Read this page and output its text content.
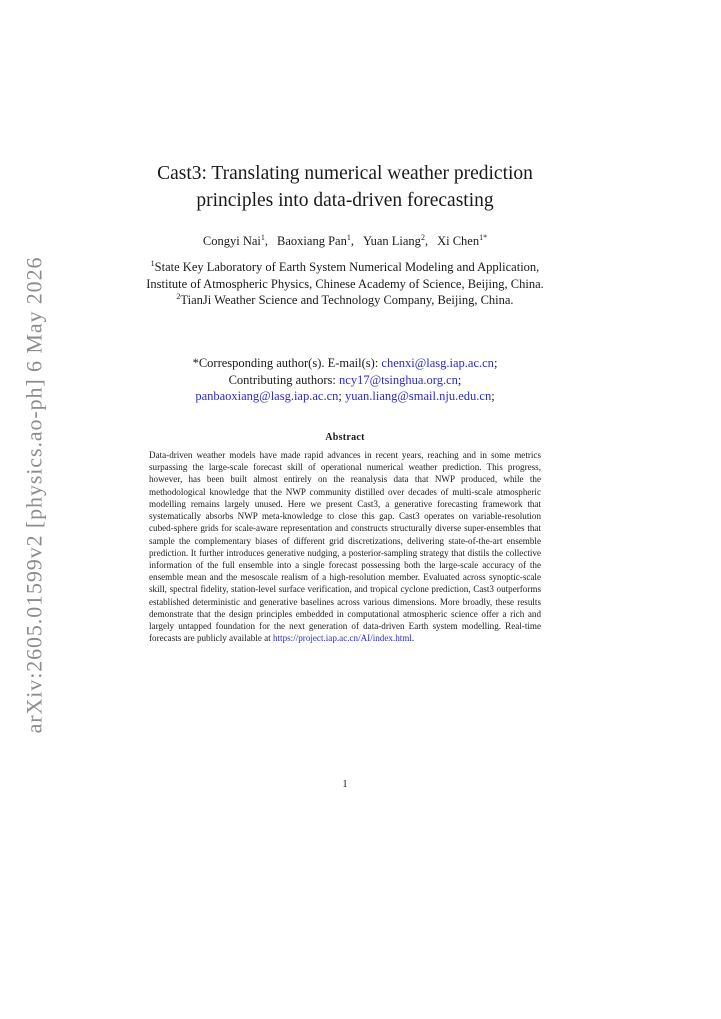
arXiv:2605.01599v2 [physics.ao-ph] 6 May 2026
Cast3: Translating numerical weather prediction
principles into data-driven forecasting
Congyi Nai$^1$, Baoxiang Pan$^1$, Yuan Liang$^2$, Xi Chen$^{1*}$
$^1$State Key Laboratory of Earth System Numerical Modeling and Application, Institute of Atmospheric Physics, Chinese Academy of Science, Beijing, China.
$^2$TianJi Weather Science and Technology Company, Beijing, China.
*Corresponding author(s). E-mail(s): chenxi@lasg.iap.ac.cn;
Contributing authors: ncy17@tsinghua.org.cn;
panbaoxiang@lasg.iap.ac.cn; yuan.liang@smail.nju.edu.cn;
Abstract
Data-driven weather models have made rapid advances in recent years, reaching and in some metrics surpassing the large-scale forecast skill of operational numerical weather prediction. This progress, however, has been built almost entirely on the reanalysis data that NWP produced, while the methodological knowledge that the NWP community distilled over decades of multi-scale atmospheric modelling remains largely unused. Here we present Cast3, a generative forecasting framework that systematically absorbs NWP meta-knowledge to close this gap. Cast3 operates on variable-resolution cubed-sphere grids for scale-aware representation and constructs structurally diverse super-ensembles that sample the complementary biases of different grid discretizations, delivering state-of-the-art ensemble prediction. It further introduces generative nudging, a posterior-sampling strategy that distils the collective information of the full ensemble into a single forecast possessing both the large-scale accuracy of the ensemble mean and the mesoscale realism of a high-resolution member. Evaluated across synoptic-scale skill, spectral fidelity, station-level surface verification, and tropical cyclone prediction, Cast3 outperforms established deterministic and generative baselines across various dimensions. More broadly, these results demonstrate that the design principles embedded in computational atmospheric science offer a rich and largely untapped foundation for the next generation of data-driven Earth system modelling. Real-time forecasts are publicly available at https://project.iap.ac.cn/AI/index.html.
1
